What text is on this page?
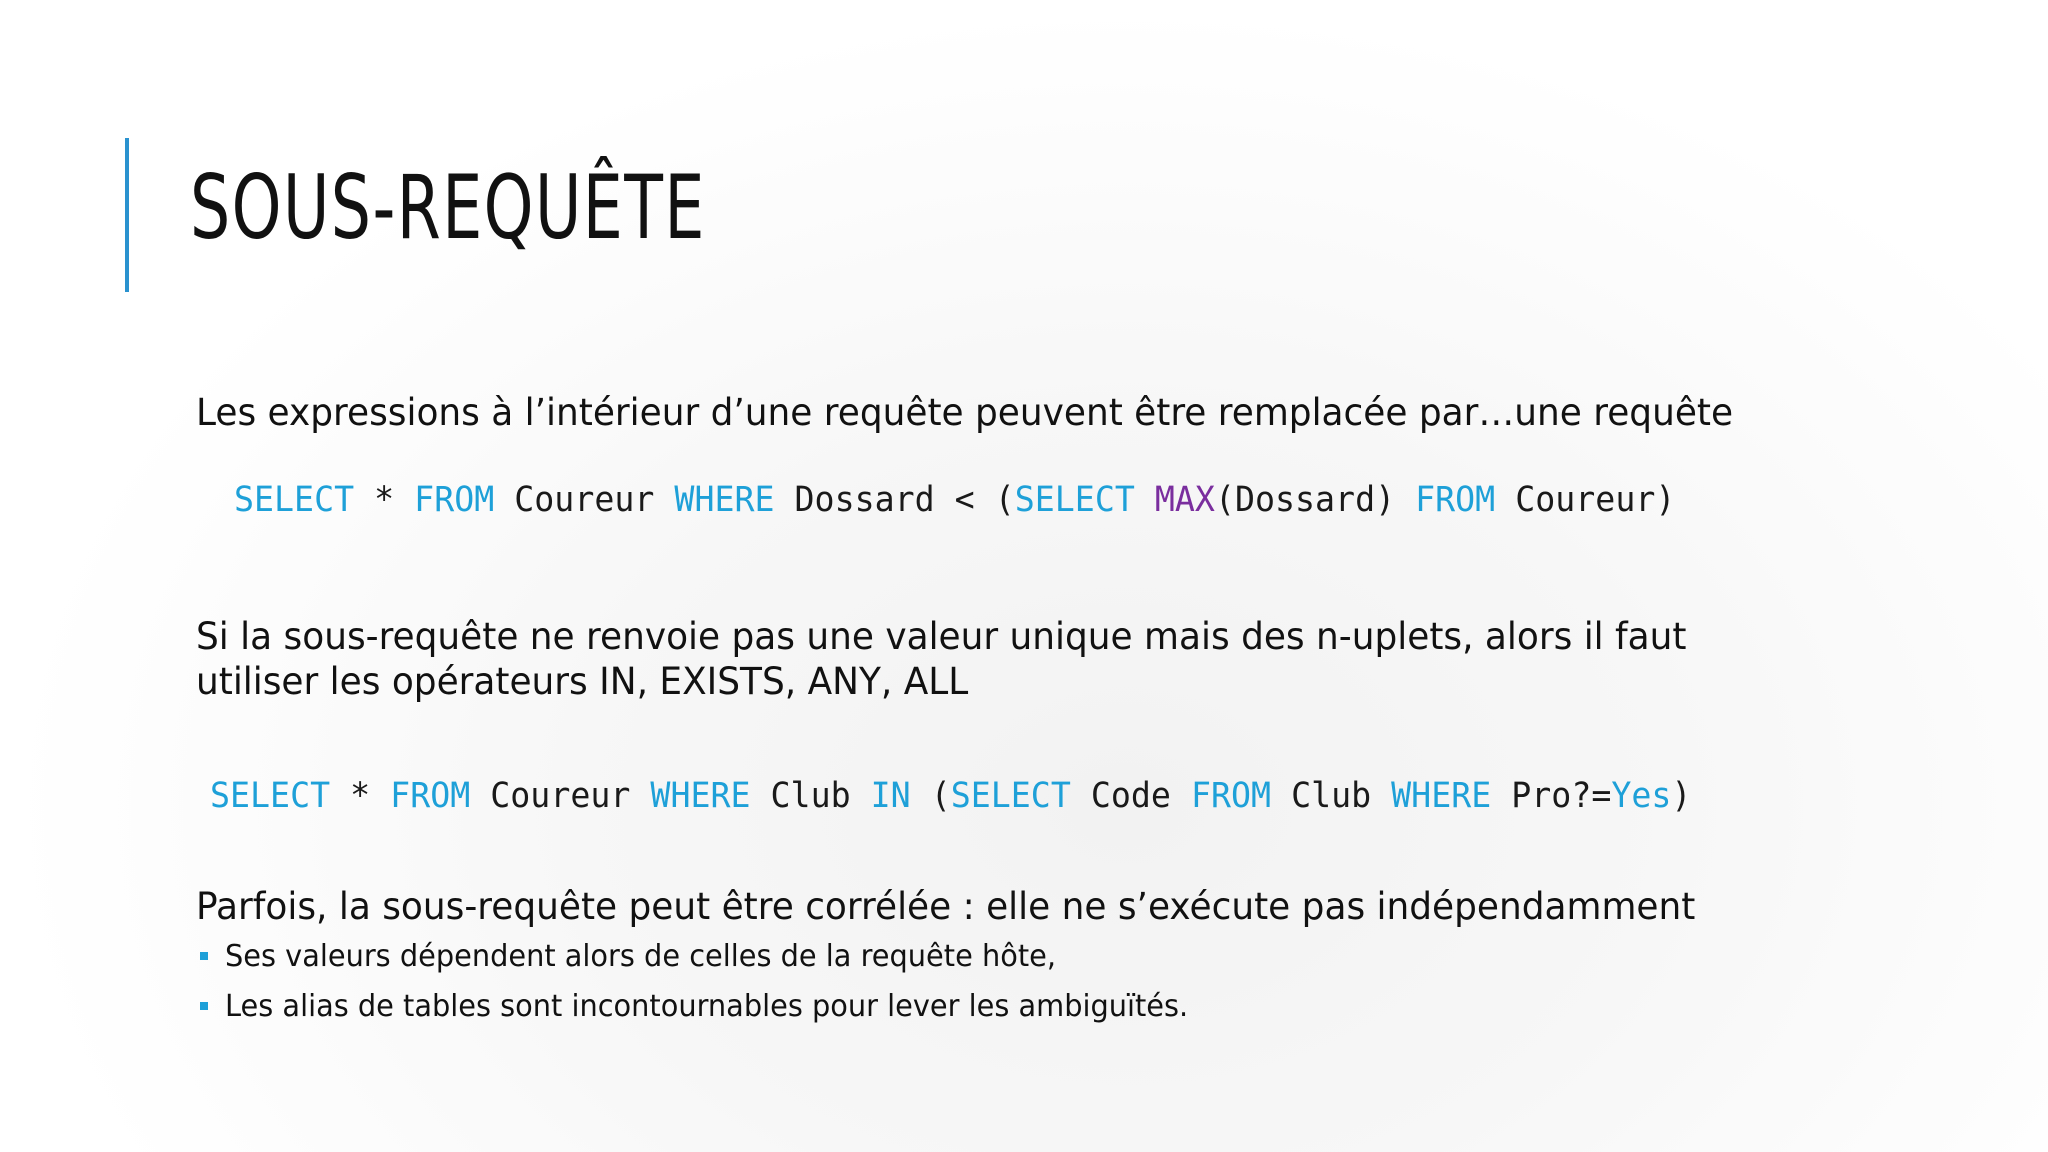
SOUS-REQUÊTE

Les expressions à l’intérieur d’une requête peuvent être remplacée par…une requête

SELECT * FROM Coureur WHERE Dossard < (SELECT MAX(Dossard) FROM Coureur)

Si la sous-requête ne renvoie pas une valeur unique mais des n-uplets, alors il faut
utiliser les opérateurs IN, EXISTS, ANY, ALL

SELECT * FROM Coureur WHERE Club IN (SELECT Code FROM Club WHERE Pro?=Yes)

Parfois, la sous-requête peut être corrélée : elle ne s’exécute pas indépendamment

Ses valeurs dépendent alors de celles de la requête hôte,
Les alias de tables sont incontournables pour lever les ambiguïtés.
